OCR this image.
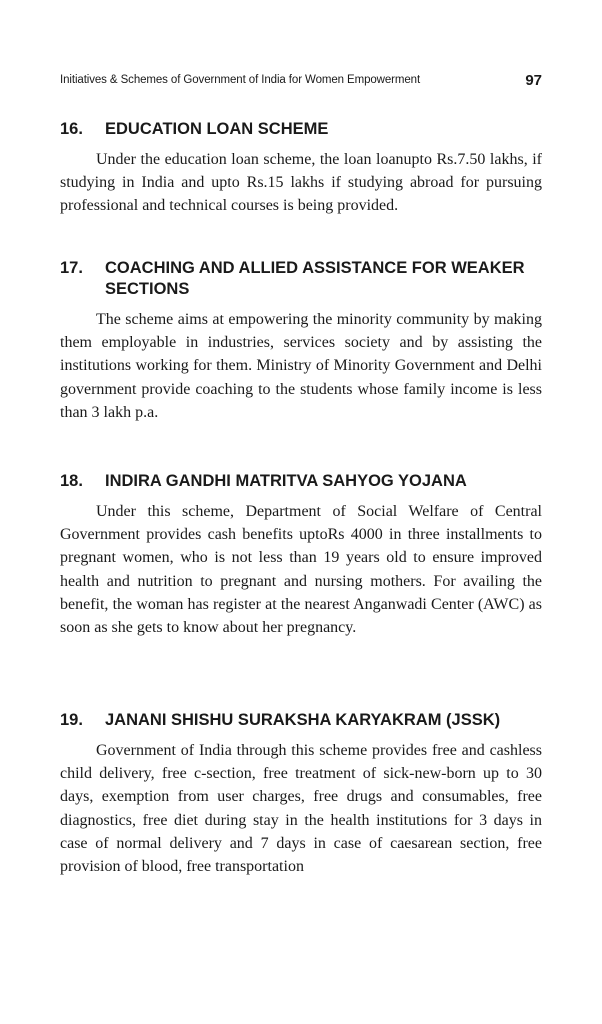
Initiatives & Schemes of Government of India for Women Empowerment	97
16. EDUCATION LOAN SCHEME

Under the education loan scheme, the loan loanupto Rs.7.50 lakhs, if studying in India and upto Rs.15 lakhs if studying abroad for pursuing professional and technical courses is being provided.

17. COACHING AND ALLIED ASSISTANCE FOR WEAKER SECTIONS

The scheme aims at empowering the minority community by making them employable in industries, services society and by assisting the institutions working for them. Ministry of Minority Government and Delhi government provide coaching to the students whose family income is less than 3 lakh p.a.

18. INDIRA GANDHI MATRITVA SAHYOG YOJANA

Under this scheme, Department of Social Welfare of Central Government provides cash benefits uptoRs 4000 in three installments to pregnant women, who is not less than 19 years old to ensure improved health and nutrition to pregnant and nursing mothers. For availing the benefit, the woman has register at the nearest Anganwadi Center (AWC) as soon as she gets to know about her pregnancy.

19. JANANI SHISHU SURAKSHA KARYAKRAM (JSSK)

Government of India through this scheme provides free and cashless child delivery, free c-section, free treatment of sick-new-born up to 30 days, exemption from user charges, free drugs and consumables, free diagnostics, free diet during stay in the health institutions for 3 days in case of normal delivery and 7 days in case of caesarean section, free provision of blood, free transportation
